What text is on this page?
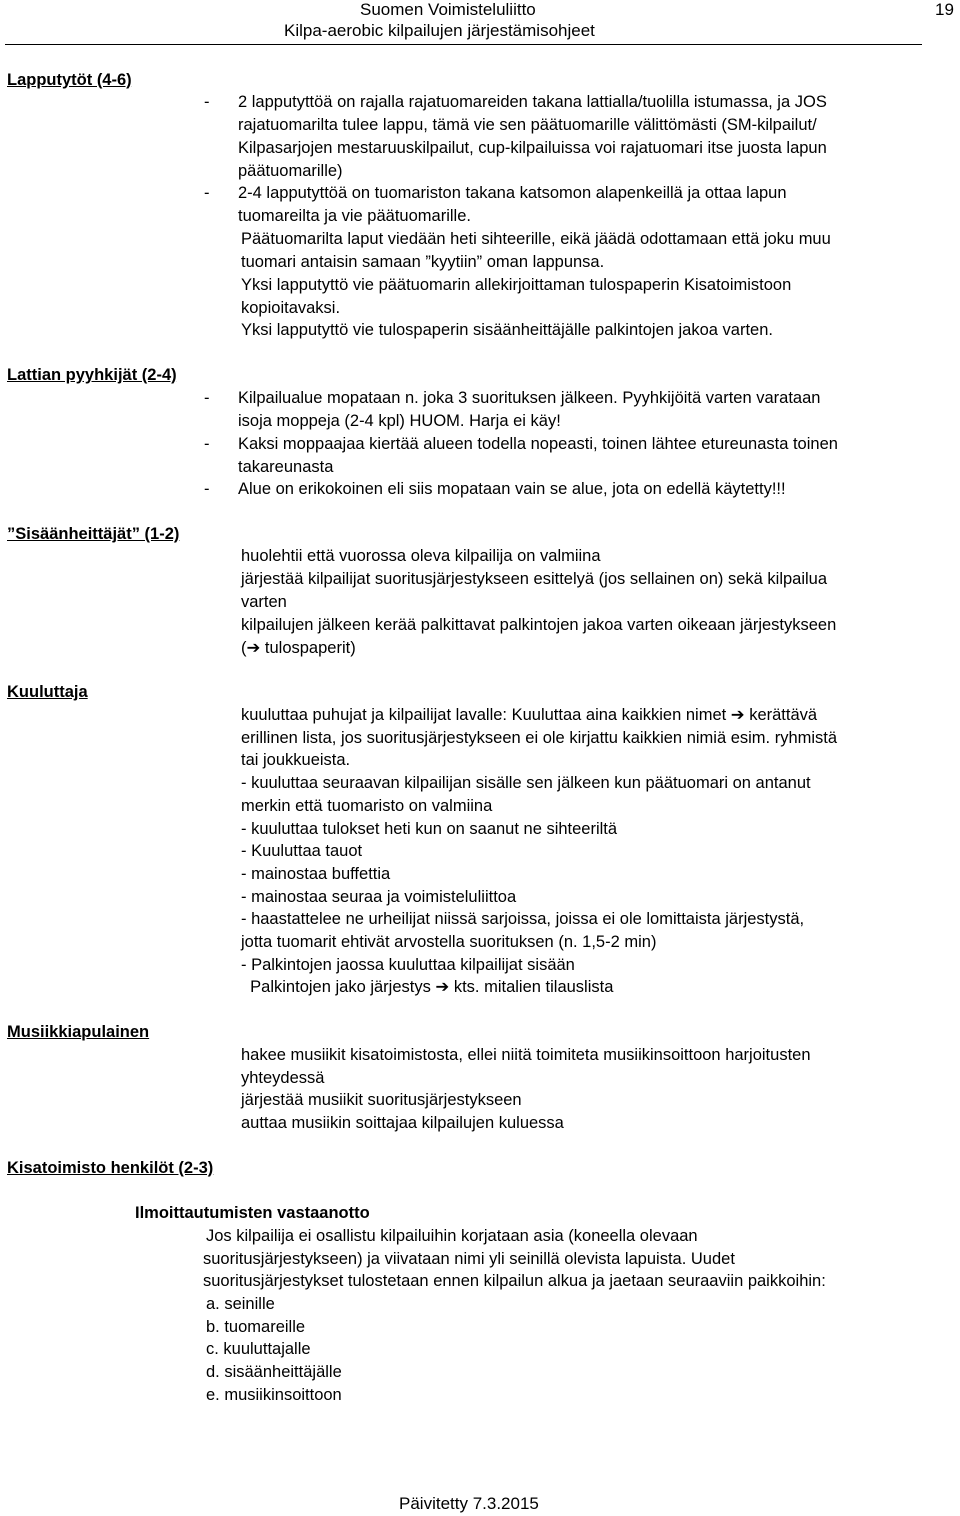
Suomen Voimisteluliitto
Kilpa-aerobic kilpailujen järjestämisohjeet
19
Lapputytöt (4-6)
- 2 lapputyttöä on rajalla rajatuomareiden takana lattialla/tuolilla istumassa, ja JOS
rajatuomarilta tulee lappu, tämä vie sen päätuomarille välittömästi (SM-kilpailut/
Kilpasarjojen mestaruuskilpailut, cup-kilpailuissa voi rajatuomari itse juosta lapun
päätuomarille)
- 2-4 lapputyttöä on tuomariston takana katsomon alapenkeillä ja ottaa lapun
tuomareilta ja vie päätuomarille.
Päätuomarilta laput viedään heti sihteerille, eikä jäädä odottamaan että joku muu
tuomari antaisin samaan ”kyytiin” oman lappunsa.
Yksi lapputyttö vie päätuomarin allekirjoittaman tulospaperin Kisatoimistoon
kopioitavaksi.
Yksi lapputyttö vie tulospaperin sisäänheittäjälle palkintojen jakoa varten.
Lattian pyyhkijät (2-4)
- Kilpailualue mopataan n. joka 3 suorituksen jälkeen. Pyyhkijöitä varten varataan
isoja moppeja (2-4 kpl) HUOM. Harja ei käy!
- Kaksi moppaajaa kiertää alueen todella nopeasti, toinen lähtee etureunasta toinen
takareunasta
- Alue on erikokoinen eli siis mopataan vain se alue, jota on edellä käytetty!!!
”Sisäänheittäjät” (1-2)
huolehtii että vuorossa oleva kilpailija on valmiina
järjestää kilpailijat suoritusjärjestykseen esittelyä (jos sellainen on) sekä kilpailua
varten
kilpailujen jälkeen kerää palkittavat palkintojen jakoa varten oikeaan järjestykseen
(➔ tulospaperit)
Kuuluttaja
kuuluttaa puhujat ja kilpailijat lavalle: Kuuluttaa aina kaikkien nimet ➔ kerättävä
erillinen lista, jos suoritusjärjestykseen ei ole kirjattu kaikkien nimiä esim. ryhmistä
tai joukkueista.
- kuuluttaa seuraavan kilpailijan sisälle sen jälkeen kun päätuomari on antanut
merkin että tuomaristo on valmiina
- kuuluttaa tulokset heti kun on saanut ne sihteeriltä
- Kuuluttaa tauot
- mainostaa buffettia
- mainostaa seuraa ja voimisteluliittoa
- haastattelee ne urheilijat niissä sarjoissa, joissa ei ole lomittaista järjestystä,
jotta tuomarit ehtivät arvostella suorituksen (n. 1,5-2 min)
- Palkintojen jaossa kuuluttaa kilpailijat sisään
Palkintojen jako järjestys ➔ kts. mitalien tilauslista
Musiikkiapulainen
hakee musiikit kisatoimistosta, ellei niitä toimiteta musiikinsoittoon harjoitusten
yhteydessä
järjestää musiikit suoritusjärjestykseen
auttaa musiikin soittajaa kilpailujen kuluessa
Kisatoimisto henkilöt (2-3)
Ilmoittautumisten vastaanotto
Jos kilpailija ei osallistu kilpailuihin korjataan asia (koneella olevaan
suoritusjärjestykseen) ja viivataan nimi yli seinillä olevista lapuista. Uudet
suoritusjärjestykset tulostetaan ennen kilpailun alkua ja jaetaan seuraaviin paikkoihin:
a. seinille
b. tuomareille
c. kuuluttajalle
d. sisäänheittäjälle
e. musiikinsoittoon
Päivitetty 7.3.2015
